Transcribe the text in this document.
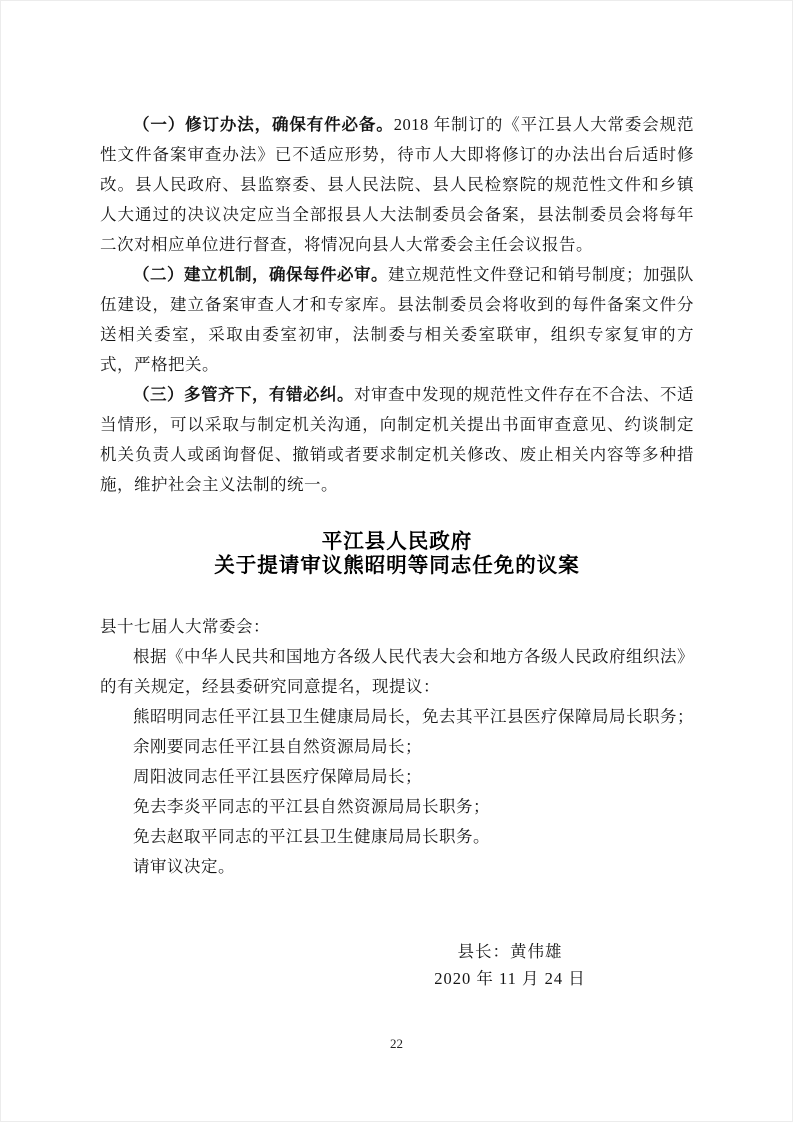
（一）修订办法，确保有件必备。2018 年制订的《平江县人大常委会规范性文件备案审查办法》已不适应形势，待市人大即将修订的办法出台后适时修改。县人民政府、县监察委、县人民法院、县人民检察院的规范性文件和乡镇人大通过的决议决定应当全部报县人大法制委员会备案，县法制委员会将每年二次对相应单位进行督查，将情况向县人大常委会主任会议报告。

（二）建立机制，确保每件必审。建立规范性文件登记和销号制度；加强队伍建设，建立备案审查人才和专家库。县法制委员会将收到的每件备案文件分送相关委室，采取由委室初审，法制委与相关委室联审，组织专家复审的方式，严格把关。

（三）多管齐下，有错必纠。对审查中发现的规范性文件存在不合法、不适当情形，可以采取与制定机关沟通，向制定机关提出书面审查意见、约谈制定机关负责人或函询督促、撤销或者要求制定机关修改、废止相关内容等多种措施，维护社会主义法制的统一。

平江县人民政府
关于提请审议熊昭明等同志任免的议案

县十七届人大常委会：

根据《中华人民共和国地方各级人民代表大会和地方各级人民政府组织法》的有关规定，经县委研究同意提名，现提议：

熊昭明同志任平江县卫生健康局局长，免去其平江县医疗保障局局长职务；

余刚要同志任平江县自然资源局局长；

周阳波同志任平江县医疗保障局局长；

免去李炎平同志的平江县自然资源局局长职务；

免去赵取平同志的平江县卫生健康局局长职务。

请审议决定。

县长：黄伟雄

2020 年 11 月 24 日

22
